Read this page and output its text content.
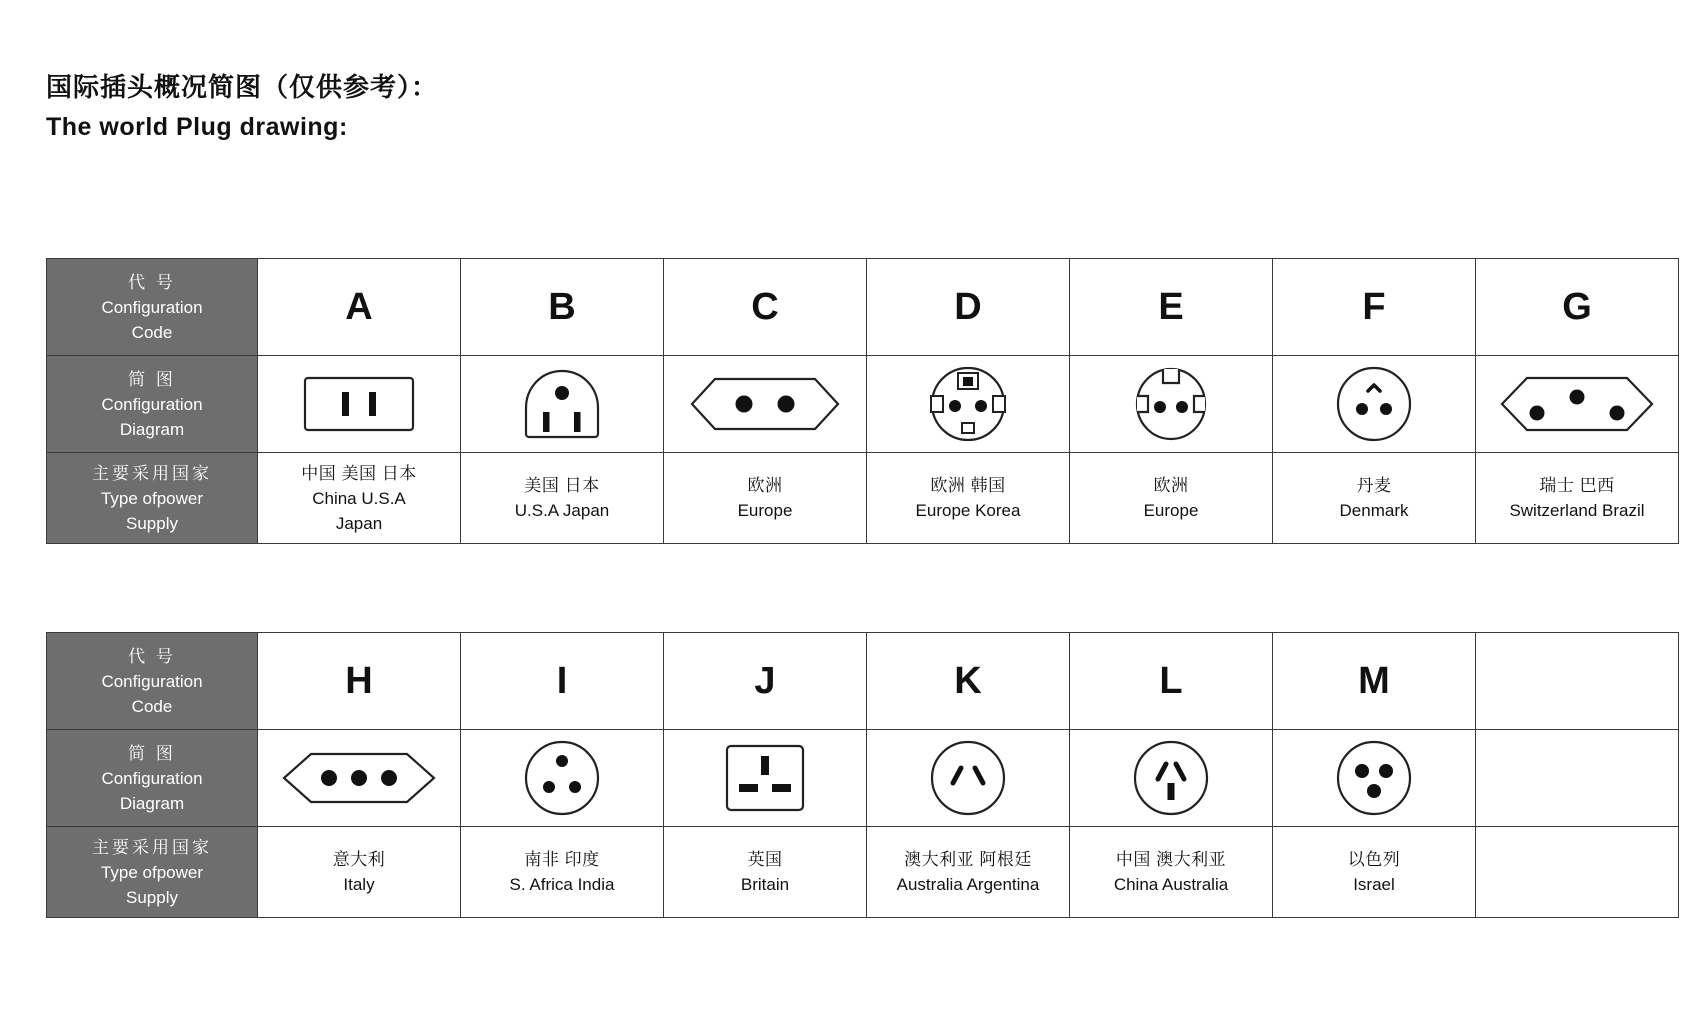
国际插头概况简图（仅供参考）：
The world Plug drawing:
代 号
Configuration
Code	A	B	C	D	E	F	G

简 图
Configuration
Diagram

主要采用国家
Type ofpower
Supply	中国 美国 日本
China U.S.A
Japan	美国 日本
U.S.A Japan	欧洲
Europe	欧洲 韩国
Europe Korea	欧洲
Europe	丹麦
Denmark	瑞士 巴西
Switzerland Brazil
代 号
Configuration
Code	H	I	J	K	L	M	

简 图
Configuration
Diagram

主要采用国家
Type ofpower
Supply	意大利
Italy	南非 印度
S. Africa India	英国
Britain	澳大利亚 阿根廷
Australia Argentina	中国 澳大利亚
China Australia	以色列
Israel	
